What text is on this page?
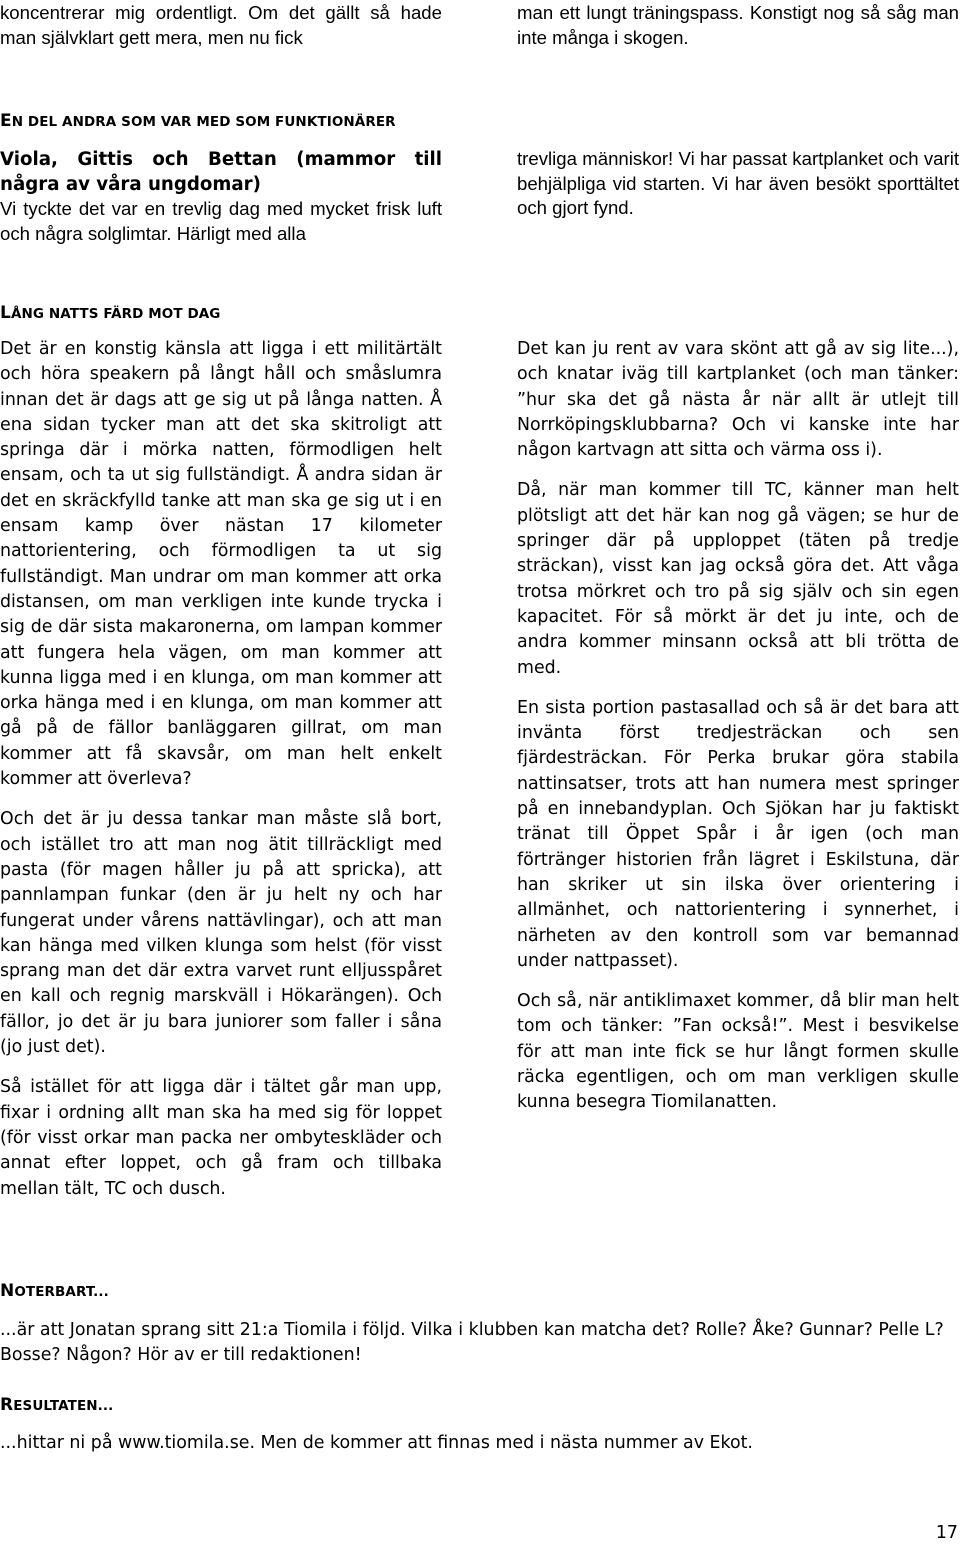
koncentrerar mig ordentligt. Om det gällt så hade man självklart gett mera, men nu fick

man ett lungt träningspass. Konstigt nog så såg man inte många i skogen.

EN DEL ANDRA SOM VAR MED SOM FUNKTIONÄRER

Viola, Gittis och Bettan (mammor till några av våra ungdomar)

Vi tyckte det var en trevlig dag med mycket frisk luft och några solglimtar. Härligt med alla

trevliga människor! Vi har passat kartplanket och varit behjälpliga vid starten. Vi har även besökt sporttältet och gjort fynd.

LÅNG NATTS FÄRD MOT DAG

Det är en konstig känsla att ligga i ett militärtält och höra speakern på långt håll och småslumra innan det är dags att ge sig ut på långa natten. Å ena sidan tycker man att det ska skitroligt att springa där i mörka natten, förmodligen helt ensam, och ta ut sig fullständigt. Å andra sidan är det en skräckfylld tanke att man ska ge sig ut i en ensam kamp över nästan 17 kilometer nattorientering, och förmodligen ta ut sig fullständigt. Man undrar om man kommer att orka distansen, om man verkligen inte kunde trycka i sig de där sista makaronerna, om lampan kommer att fungera hela vägen, om man kommer att kunna ligga med i en klunga, om man kommer att orka hänga med i en klunga, om man kommer att gå på de fällor banläggaren gillrat, om man kommer att få skavsår, om man helt enkelt kommer att överleva?

Och det är ju dessa tankar man måste slå bort, och istället tro att man nog ätit tillräckligt med pasta (för magen håller ju på att spricka), att pannlampan funkar (den är ju helt ny och har fungerat under vårens nattävlingar), och att man kan hänga med vilken klunga som helst (för visst sprang man det där extra varvet runt elljusspåret en kall och regnig marskväll i Hökarängen). Och fällor, jo det är ju bara juniorer som faller i såna (jo just det).

Så istället för att ligga där i tältet går man upp, fixar i ordning allt man ska ha med sig för loppet (för visst orkar man packa ner ombyteskläder och annat efter loppet, och gå fram och tillbaka mellan tält, TC och dusch.

Det kan ju rent av vara skönt att gå av sig lite...), och knatar iväg till kartplanket (och man tänker: ”hur ska det gå nästa år när allt är utlejt till Norrköpingsklubbarna? Och vi kanske inte har någon kartvagn att sitta och värma oss i).

Då, när man kommer till TC, känner man helt plötsligt att det här kan nog gå vägen; se hur de springer där på upploppet (täten på tredje sträckan), visst kan jag också göra det. Att våga trotsa mörkret och tro på sig själv och sin egen kapacitet. För så mörkt är det ju inte, och de andra kommer minsann också att bli trötta de med.

En sista portion pastasallad och så är det bara att invänta först tredjesträckan och sen fjärdesträckan. För Perka brukar göra stabila nattinsatser, trots att han numera mest springer på en innebandyplan. Och Sjökan har ju faktiskt tränat till Öppet Spår i år igen (och man förtränger historien från lägret i Eskilstuna, där han skriker ut sin ilska över orientering i allmänhet, och nattorientering i synnerhet, i närheten av den kontroll som var bemannad under nattpasset).

Och så, när antiklimaxet kommer, då blir man helt tom och tänker: ”Fan också!”. Mest i besvikelse för att man inte fick se hur långt formen skulle räcka egentligen, och om man verkligen skulle kunna besegra Tiomilanatten.

NOTERBART...
...är att Jonatan sprang sitt 21:a Tiomila i följd. Vilka i klubben kan matcha det? Rolle? Åke? Gunnar? Pelle L? Bosse? Någon? Hör av er till redaktionen!
RESULTATEN...
...hittar ni på www.tiomila.se. Men de kommer att finnas med i nästa nummer av Ekot.
17
